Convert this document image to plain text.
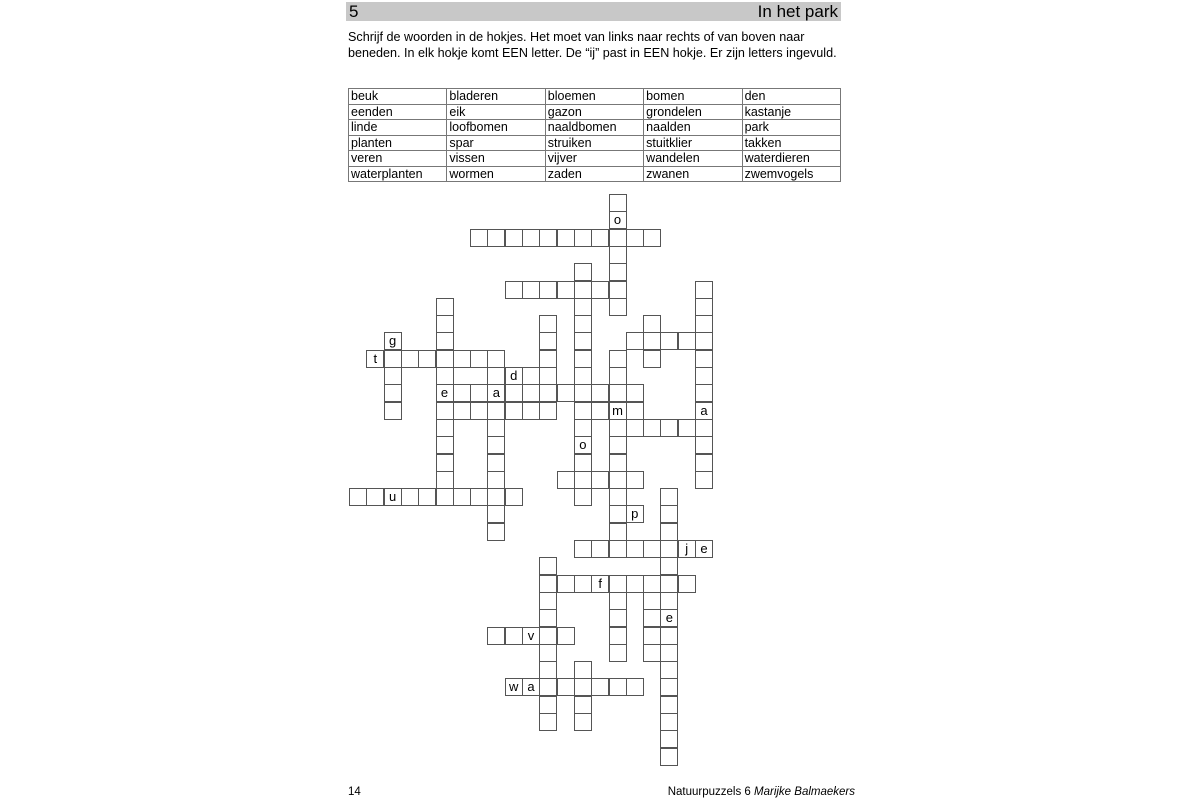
5	In het park
Schrijf de woorden in de hokjes. Het moet van links naar rechts of van boven naar beneden. In elk hokje komt EEN letter. De “ij” past in EEN hokje. Er zijn letters ingevuld.
beuk	bladeren	bloemen	bomen	den
eenden	eik	gazon	grondelen	kastanje
linde	loofbomen	naaldbomen	naalden	park
planten	spar	struiken	stuitklier	takken
veren	vissen	vijver	wandelen	waterdieren
waterplanten	wormen	zaden	zwanen	zwemvogels
t
d
e	a
m
u
p
j e
f
v
w a
o
a
g
o
e
14	Natuurpuzzels 6 Marijke Balmaekers
